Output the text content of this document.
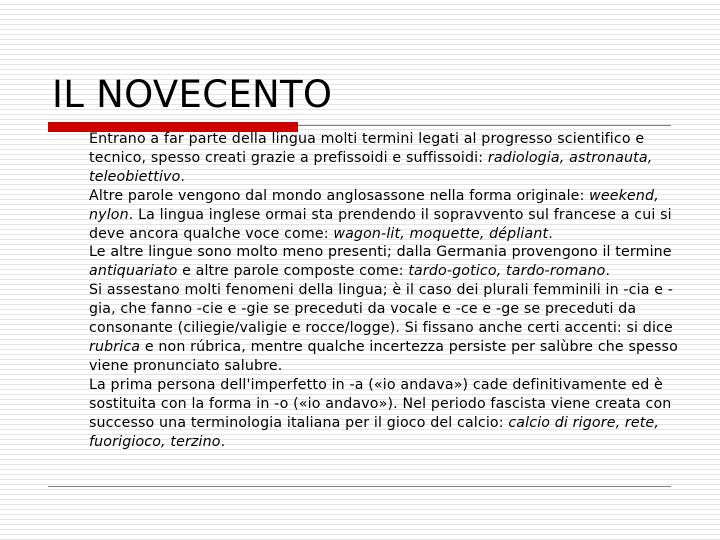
IL NOVECENTO

Entrano a far parte della lingua molti termini legati al progresso scientifico e tecnico, spesso creati grazie a prefissoidi e suffissoidi: radiologia, astronauta, teleobiettivo.

Altre parole vengono dal mondo anglosassone nella forma originale: weekend, nylon. La lingua inglese ormai sta prendendo il sopravvento sul francese a cui si deve ancora qualche voce come: wagon-lit, moquette, dépliant.

Le altre lingue sono molto meno presenti; dalla Germania provengono il termine antiquariato e altre parole composte come: tardo-gotico, tardo-romano.

Si assestano molti fenomeni della lingua; è il caso dei plurali femminili in -cia e -gia, che fanno -cie e -gie se preceduti da vocale e -ce e -ge se preceduti da consonante (ciliegie/valigie e rocce/logge). Si fissano anche certi accenti: si dice rubrica e non rúbrica, mentre qualche incertezza persiste per salùbre che spesso viene pronunciato salubre.

La prima persona dell'imperfetto in -a («io andava») cade definitivamente ed è sostituita con la forma in -o («io andavo»). Nel periodo fascista viene creata con successo una terminologia italiana per il gioco del calcio: calcio di rigore, rete, fuorigioco, terzino.
